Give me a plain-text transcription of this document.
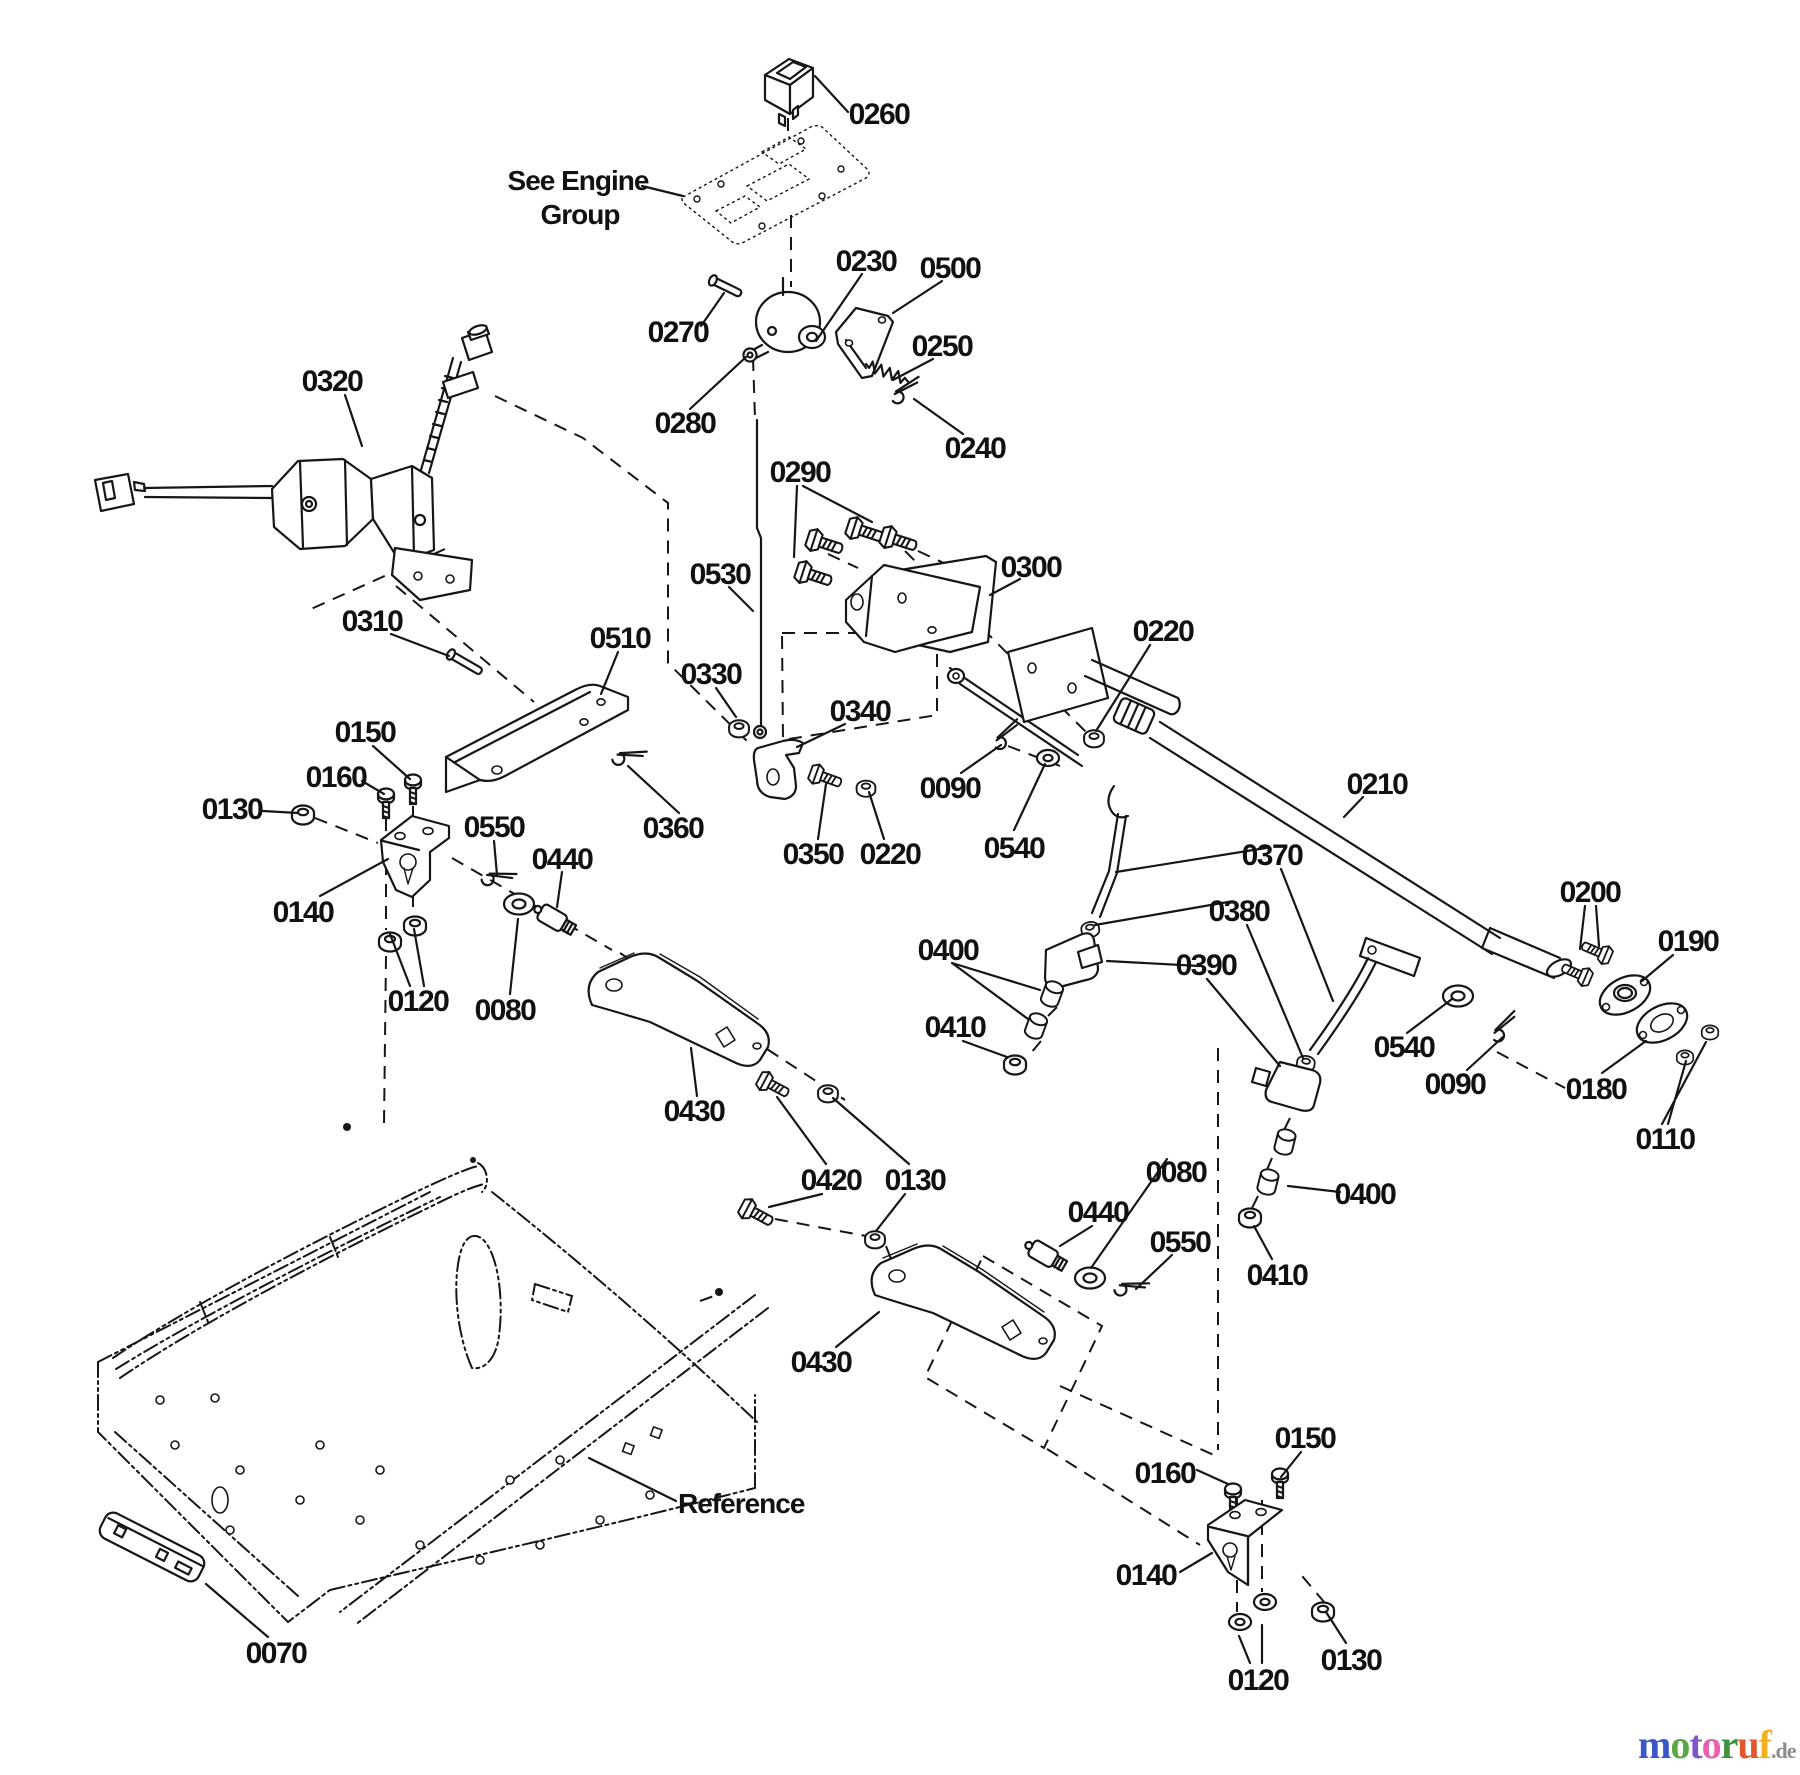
See Engine
Group
Reference
0260
0230 0500
0270
0280
0250
0240
0320
0290
0530	0300
0310
0510
0330
0340
0220
0090
0540
0350 0220
0360
0210
0150
0160
0130
0140
0550
0440
0120 0080
0430
0420 0130
0370
0380
0400	0390
0410
0540
0090
0200
0190
0180
0110
0400
0080
0550
0410
0440
0430
0150
0160
0140
0120
0130
0070
motoruf.de
